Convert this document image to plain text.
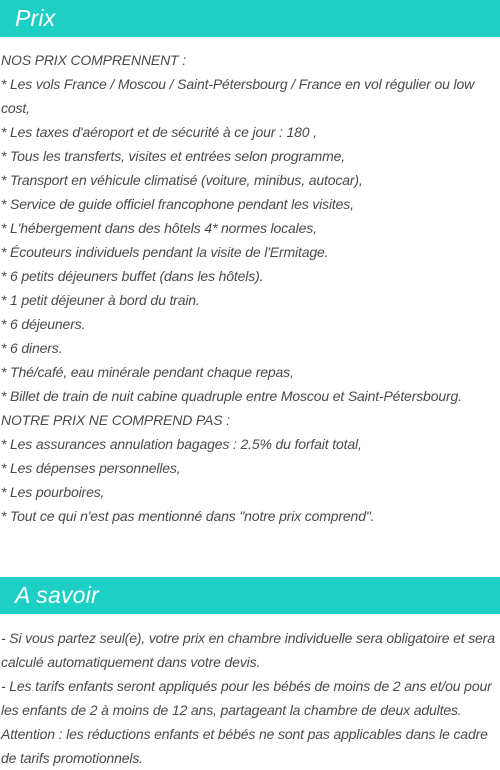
Prix

NOS PRIX COMPRENNENT :

* Les vols France / Moscou / Saint-Pétersbourg / France en vol régulier ou low cost,

* Les taxes d'aéroport et de sécurité à ce jour : 180 ,

* Tous les transferts, visites et entrées selon programme,

* Transport en véhicule climatisé (voiture, minibus, autocar),

* Service de guide officiel francophone pendant les visites,

* L'hébergement dans des hôtels 4* normes locales,

* Écouteurs individuels pendant la visite de l'Ermitage.

* 6 petits déjeuners buffet (dans les hôtels).

* 1 petit déjeuner à bord du train.

* 6 déjeuners.

* 6 diners.

* Thé/café, eau minérale pendant chaque repas,

* Billet de train de nuit cabine quadruple entre Moscou et Saint-Pétersbourg.

NOTRE PRIX NE COMPREND PAS :

* Les assurances annulation bagages : 2.5% du forfait total,

* Les dépenses personnelles,

* Les pourboires,

* Tout ce qui n'est pas mentionné dans "notre prix comprend".

A savoir

- Si vous partez seul(e), votre prix en chambre individuelle sera obligatoire et sera calculé automatiquement dans votre devis.

- Les tarifs enfants seront appliqués pour les bébés de moins de 2 ans et/ou pour les enfants de 2 à moins de 12 ans, partageant la chambre de deux adultes.

Attention : les réductions enfants et bébés ne sont pas applicables dans le cadre de tarifs promotionnels.
